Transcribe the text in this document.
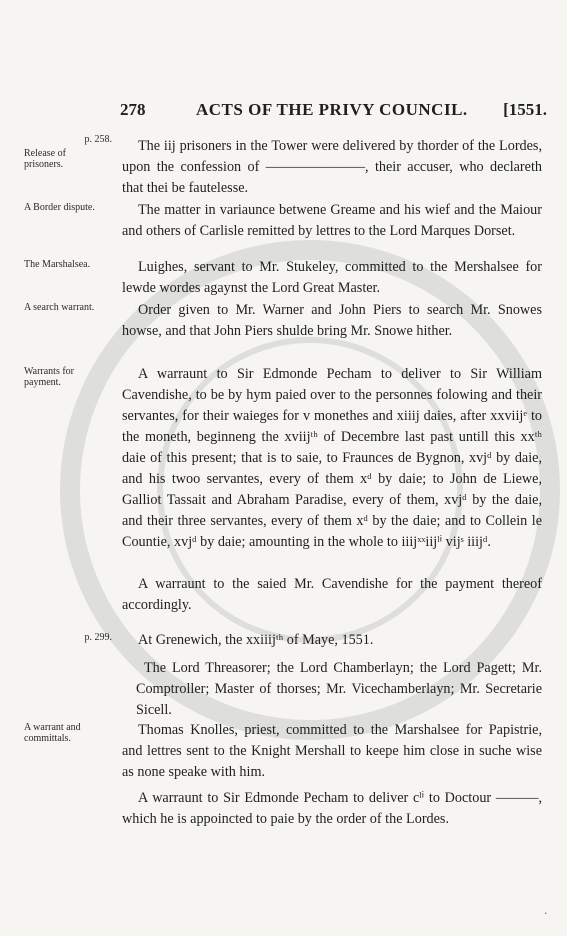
278	ACTS OF THE PRIVY COUNCIL. [1551.
p. 258.
Release of prisoners.
A Border dispute.
The Marshalsea.
A search warrant.
Warrants for payment.
p. 299.
A warrant and committals.

The iij prisoners in the Tower were delivered by thorder of the Lordes, upon the confession of ———————, their accuser, who declareth that thei be fautelesse.

The matter in variaunce betwene Greame and his wief and the Maiour and others of Carlisle remitted by lettres to the Lord Marques Dorset.

Luighes, servant to Mr. Stukeley, committed to the Mershalsee for lewde wordes agaynst the Lord Great Master.

Order given to Mr. Warner and John Piers to search Mr. Snowes howse, and that John Piers shulde bring Mr. Snowe hither.

A warraunt to Sir Edmonde Pecham to deliver to Sir William Cavendishe, to be by hym paied over to the personnes folowing and their servantes, for their waieges for v monethes and xiiij daies, after xxviijᵉ to the moneth, beginneng the xviijᵗʰ of Decembre last past untill this xxᵗʰ daie of this present; that is to saie, to Fraunces de Bygnon, xvjᵈ by daie, and his twoo servantes, every of them xᵈ by daie; to John de Liewe, Galliot Tassait and Abraham Paradise, every of them, xvjᵈ by the daie, and their three servantes, every of them xᵈ by the daie; and to Collein le Countie, xvjᵈ by daie; amounting in the whole to iiijˣˣiijˡⁱ vijˢ iiijᵈ.

A warraunt to the saied Mr. Cavendishe for the payment thereof accordingly.

At Grenewich, the xxiiijᵗʰ of Maye, 1551.

The Lord Threasorer; the Lord Chamberlayn; the Lord Pagett; Mr. Comptroller; Master of thorses; Mr. Vicechamberlayn; Mr. Secretarie Sicell.

Thomas Knolles, priest, committed to the Marshalsee for Papistrie, and lettres sent to the Knight Mershall to keepe him close in suche wise as none speake with him.

A warraunt to Sir Edmonde Pecham to deliver cˡⁱ to Doctour ———, which he is appoincted to paie by the order of the Lordes.

·
